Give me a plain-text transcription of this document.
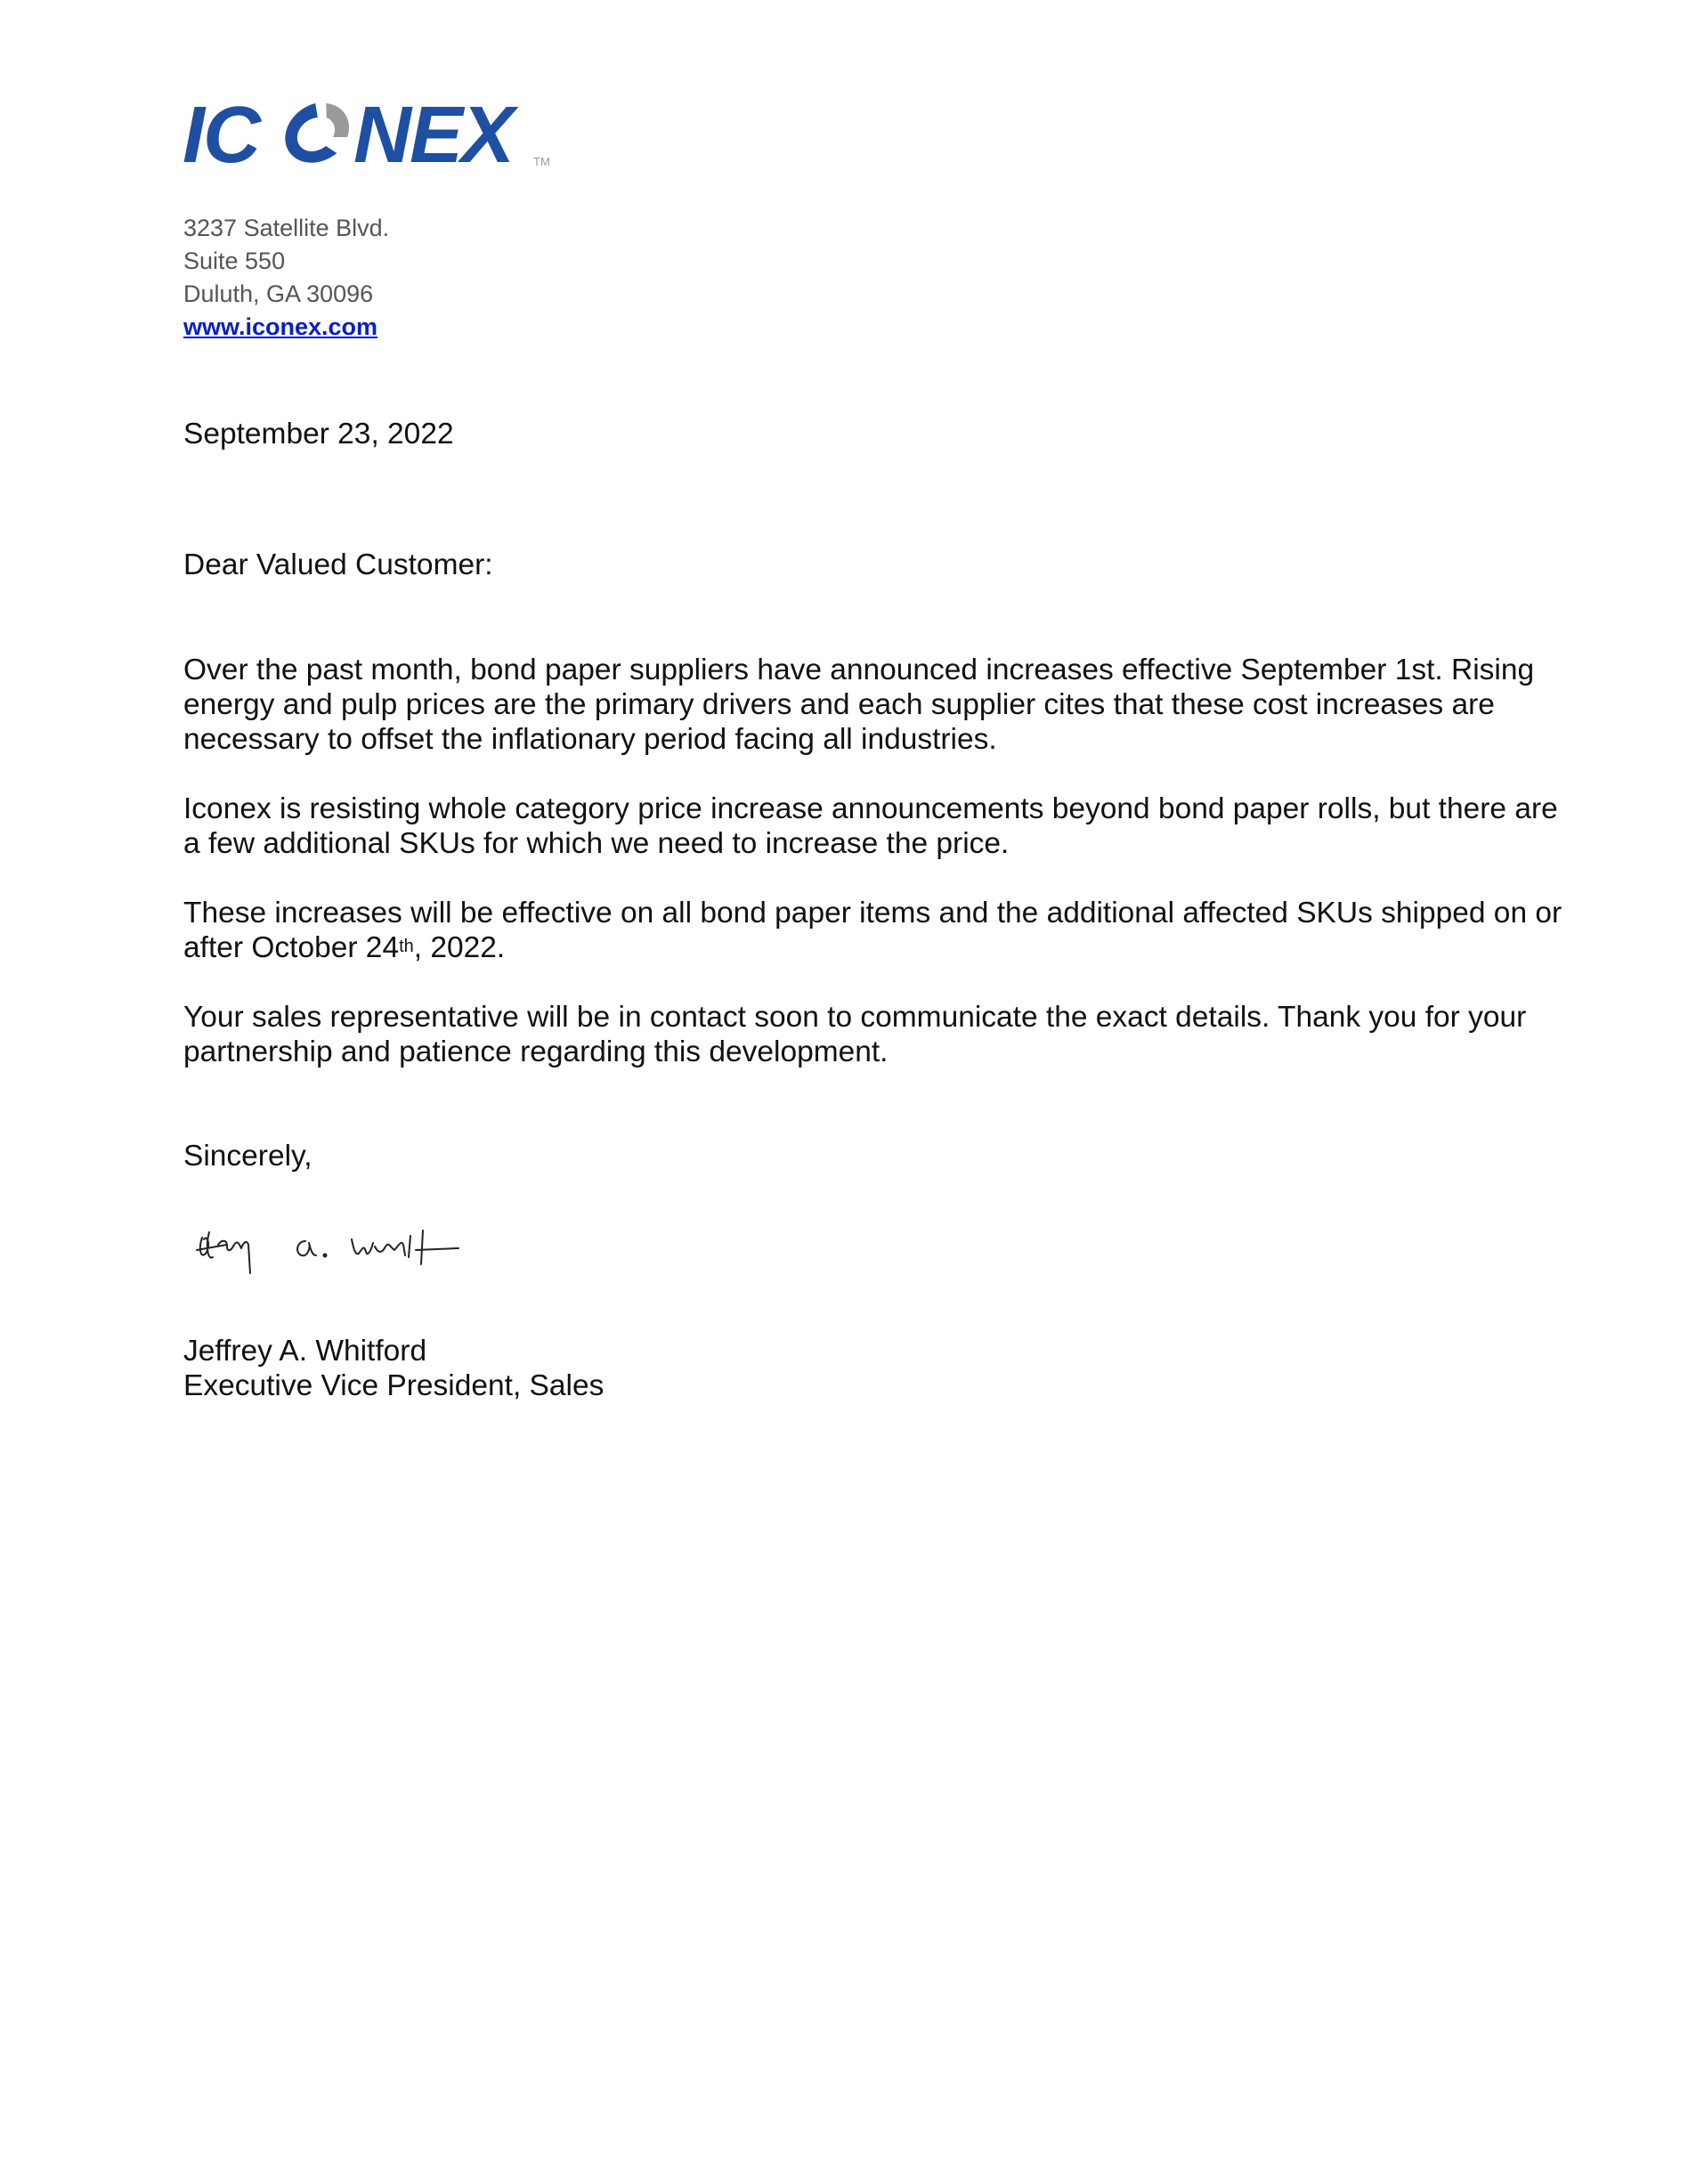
IC NEX	TM
3237 Satellite Blvd.
Suite 550
Duluth, GA 30096
www.iconex.com
September 23, 2022
Dear Valued Customer:

Over the past month, bond paper suppliers have announced increases effective September 1st. Rising energy and pulp prices are the primary drivers and each supplier cites that these cost increases are necessary to offset the inflationary period facing all industries.

Iconex is resisting whole category price increase announcements beyond bond paper rolls, but there are a few additional SKUs for which we need to increase the price.

These increases will be effective on all bond paper items and the additional affected SKUs shipped on or after October 24th, 2022.

Your sales representative will be in contact soon to communicate the exact details. Thank you for your partnership and patience regarding this development.

Sincerely,
Jeffrey A. Whitford
Executive Vice President, Sales
